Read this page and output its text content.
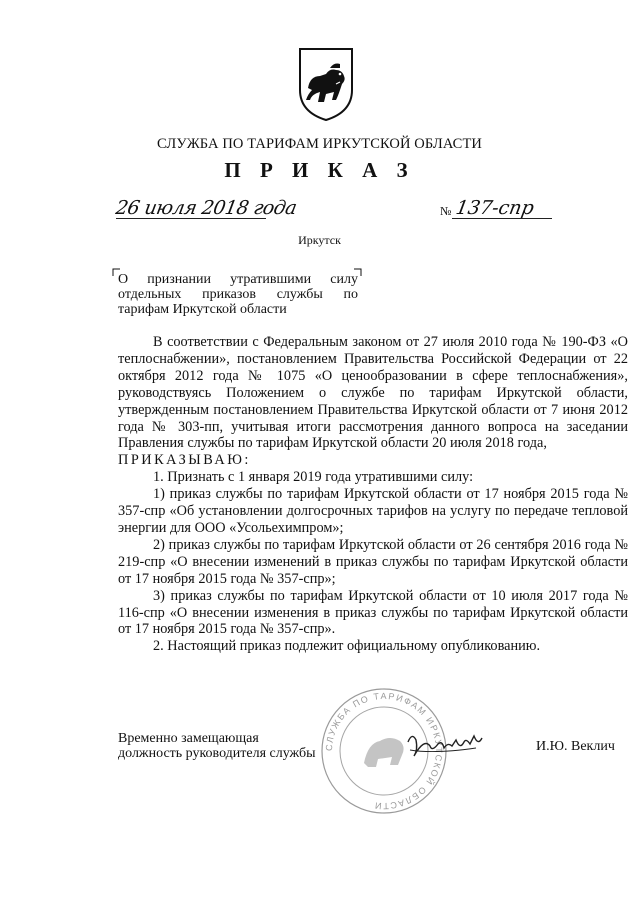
СЛУЖБА ПО ТАРИФАМ ИРКУТСКОЙ ОБЛАСТИ
П Р И К А З
26 июля 2018 года	№ 137-спр
Иркутск
О признании утратившими силу отдельных приказов службы по тарифам Иркутской области

В соответствии с Федеральным законом от 27 июля 2010 года № 190-ФЗ «О теплоснабжении», постановлением Правительства Российской Федерации от 22 октября 2012 года № 1075 «О ценообразовании в сфере теплоснабжения», руководствуясь Положением о службе по тарифам Иркутской области, утвержденным постановлением Правительства Иркутской области от 7 июня 2012 года № 303-пп, учитывая итоги рассмотрения данного вопроса на заседании Правления службы по тарифам Иркутской области 20 июля 2018 года,

ПРИКАЗЫВАЮ:

1. Признать с 1 января 2019 года утратившими силу:

1) приказ службы по тарифам Иркутской области от 17 ноября 2015 года № 357-спр «Об установлении долгосрочных тарифов на услугу по передаче тепловой энергии для ООО «Усольехимпром»;

2) приказ службы по тарифам Иркутской области от 26 сентября 2016 года № 219-спр «О внесении изменений в приказ службы по тарифам Иркутской области от 17 ноября 2015 года № 357-спр»;

3) приказ службы по тарифам Иркутской области от 10 июля 2017 года № 116-спр «О внесении изменения в приказ службы по тарифам Иркутской области от 17 ноября 2015 года № 357-спр».

2. Настоящий приказ подлежит официальному опубликованию.

СЛУЖБА ПО ТАРИФАМ ИРКУТСКОЙ ОБЛАСТИ
Временно замещающая
должность руководителя службы	И.Ю. Веклич
